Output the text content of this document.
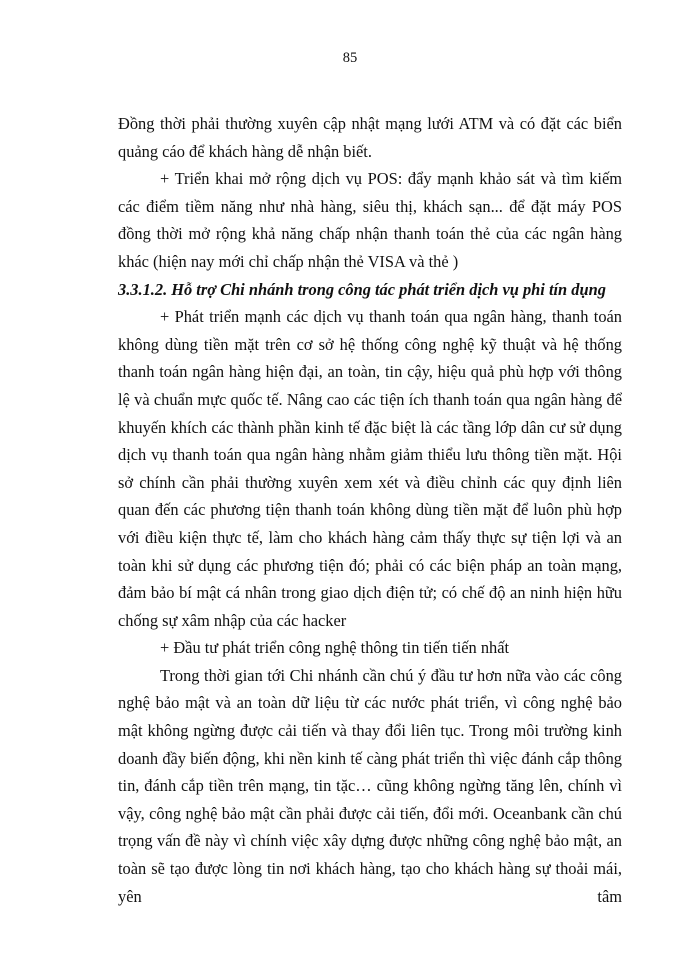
85

Đồng thời phải thường xuyên cập nhật mạng lưới ATM và có đặt các biển quảng cáo để khách hàng dễ nhận biết.

+ Triển khai mở rộng dịch vụ POS: đẩy mạnh khảo sát và tìm kiếm các điểm tiềm năng như nhà hàng, siêu thị, khách sạn... để đặt máy POS đồng thời mở rộng khả năng chấp nhận thanh toán thẻ của các ngân hàng khác (hiện nay mới chỉ chấp nhận thẻ VISA và thẻ )

3.3.1.2. Hỗ trợ Chi nhánh trong công tác phát triển dịch vụ phi tín dụng

+ Phát triển mạnh các dịch vụ thanh toán qua ngân hàng, thanh toán không dùng tiền mặt trên cơ sở hệ thống công nghệ kỹ thuật và hệ thống thanh toán ngân hàng hiện đại, an toàn, tin cậy, hiệu quả phù hợp với thông lệ và chuẩn mực quốc tế. Nâng cao các tiện ích thanh toán qua ngân hàng để khuyến khích các thành phần kinh tế đặc biệt là các tầng lớp dân cư sử dụng dịch vụ thanh toán qua ngân hàng nhằm giảm thiểu lưu thông tiền mặt. Hội sở chính cần phải thường xuyên xem xét và điều chỉnh các quy định liên quan đến các phương tiện thanh toán không dùng tiền mặt để luôn phù hợp với điều kiện thực tế, làm cho khách hàng cảm thấy thực sự tiện lợi và an toàn khi sử dụng các phương tiện đó; phải có các biện pháp an toàn mạng, đảm bảo bí mật cá nhân trong giao dịch điện tử; có chế độ an ninh hiện hữu chống sự xâm nhập của các hacker

+ Đầu tư phát triển công nghệ thông tin tiến tiến nhất

Trong thời gian tới Chi nhánh cần chú ý đầu tư hơn nữa vào các công nghệ bảo mật và an toàn dữ liệu từ các nước phát triển, vì công nghệ bảo mật không ngừng được cải tiến và thay đổi liên tục. Trong môi trường kinh doanh đầy biến động, khi nền kinh tế càng phát triển thì việc đánh cắp thông tin, đánh cắp tiền trên mạng, tin tặc… cũng không ngừng tăng lên, chính vì vậy, công nghệ bảo mật cần phải được cải tiến, đổi mới. Oceanbank cần chú trọng vấn đề này vì chính việc xây dựng được những công nghệ bảo mật, an toàn sẽ tạo được lòng tin nơi khách hàng, tạo cho khách hàng sự thoải mái, yên tâm
